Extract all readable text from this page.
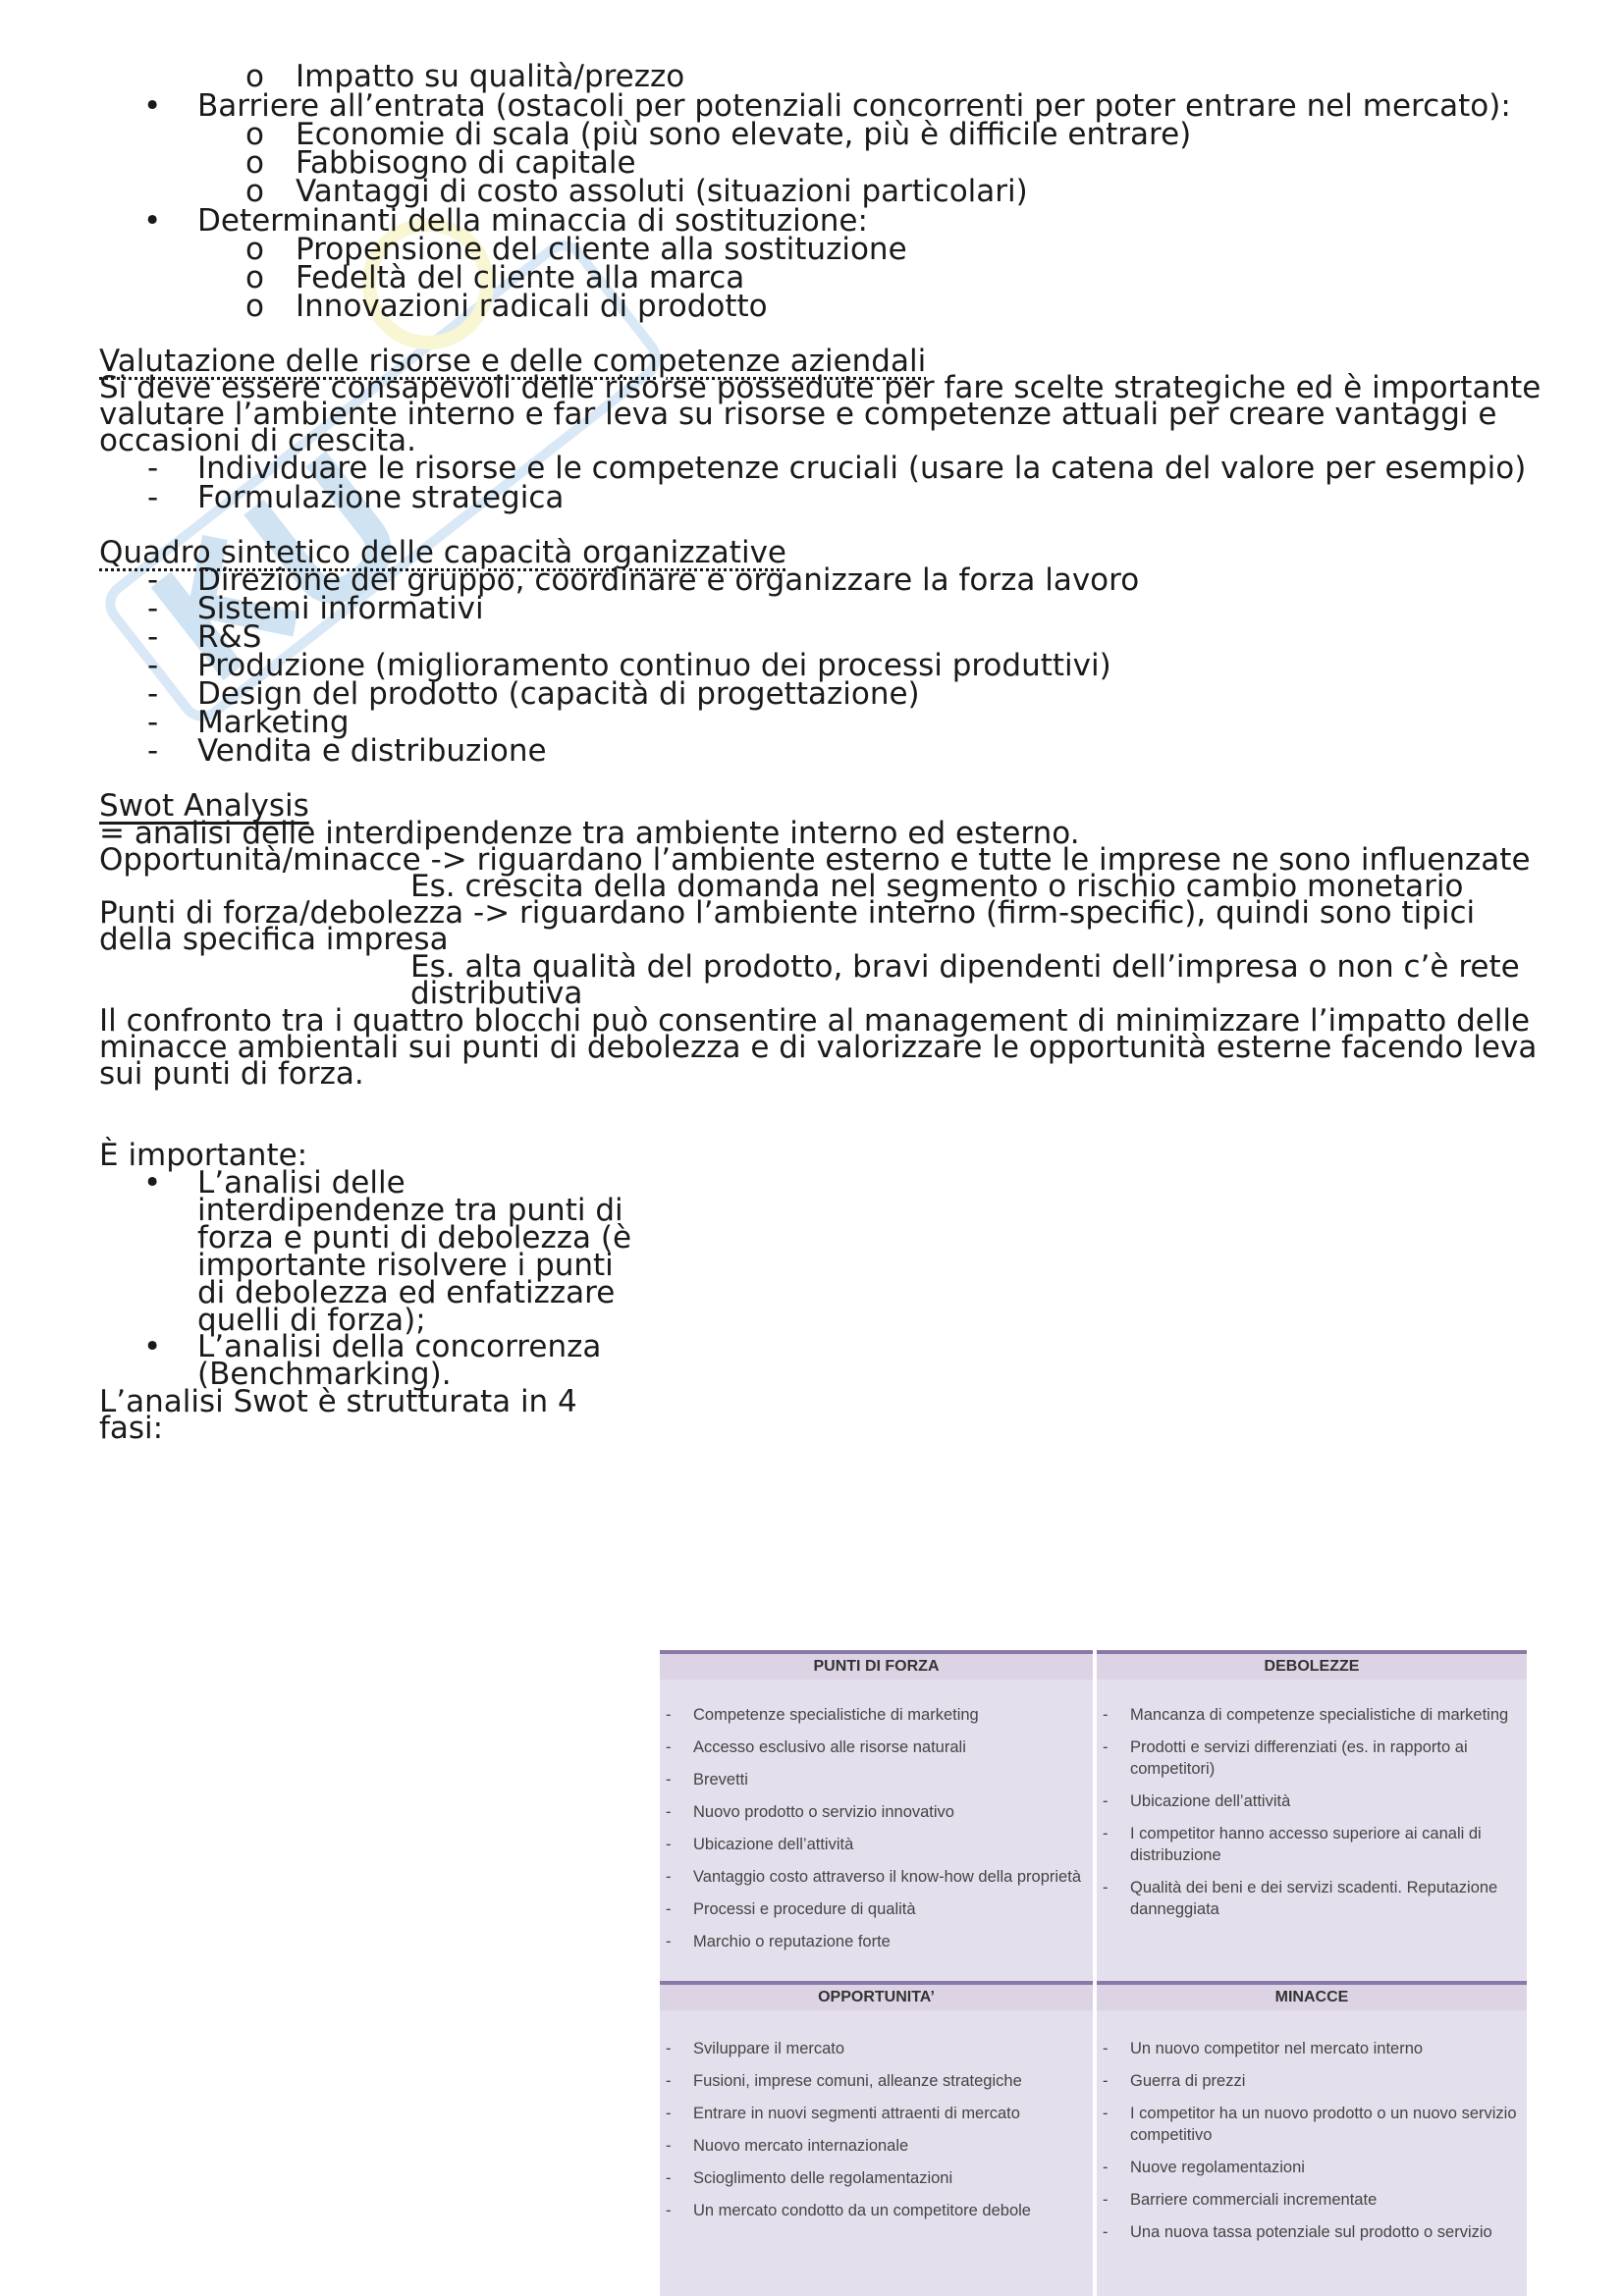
o Impatto su qualità/prezzo
• Barriere all’entrata (ostacoli per potenziali concorrenti per poter entrare nel mercato):
o Economie di scala (più sono elevate, più è difficile entrare)
o Fabbisogno di capitale
o Vantaggi di costo assoluti (situazioni particolari)
• Determinanti della minaccia di sostituzione:
o Propensione del cliente alla sostituzione
o Fedeltà del cliente alla marca
o Innovazioni radicali di prodotto
Valutazione delle risorse e delle competenze aziendali
Si deve essere consapevoli delle risorse possedute per fare scelte strategiche ed è importante
valutare l’ambiente interno e far leva su risorse e competenze attuali per creare vantaggi e
occasioni di crescita.
- Individuare le risorse e le competenze cruciali (usare la catena del valore per esempio)
- Formulazione strategica
Quadro sintetico delle capacità organizzative
- Direzione del gruppo, coordinare e organizzare la forza lavoro
- Sistemi informativi
- R&S
- Produzione (miglioramento continuo dei processi produttivi)
- Design del prodotto (capacità di progettazione)
- Marketing
- Vendita e distribuzione
Swot Analysis
= analisi delle interdipendenze tra ambiente interno ed esterno.
Opportunità/minacce -> riguardano l’ambiente esterno e tutte le imprese ne sono influenzate
Es. crescita della domanda nel segmento o rischio cambio monetario
Punti di forza/debolezza -> riguardano l’ambiente interno (firm-specific), quindi sono tipici
della specifica impresa
Es. alta qualità del prodotto, bravi dipendenti dell’impresa o non c’è rete
distributiva
Il confronto tra i quattro blocchi può consentire al management di minimizzare l’impatto delle
minacce ambientali sui punti di debolezza e di valorizzare le opportunità esterne facendo leva
sui punti di forza.
È importante:
• L’analisi delle
interdipendenze tra punti di
forza e punti di debolezza (è
importante risolvere i punti
di debolezza ed enfatizzare
quelli di forza);
• L’analisi della concorrenza
(Benchmarking).
L’analisi Swot è strutturata in 4
fasi:
PUNTI DI FORZA	DEBOLEZZE
- Competenze specialistiche di marketing
- Accesso esclusivo alle risorse naturali
- Brevetti
- Nuovo prodotto o servizio innovativo
- Ubicazione dell’attività
- Vantaggio costo attraverso il know-how della proprietà
- Processi e procedure di qualità
- Marchio o reputazione forte
- Mancanza di competenze specialistiche di marketing
- Prodotti e servizi differenziati (es. in rapporto ai competitori)
- Ubicazione dell’attività
- I competitor hanno accesso superiore ai canali di distribuzione
- Qualità dei beni e dei servizi scadenti. Reputazione danneggiata
OPPORTUNITA’	MINACCE
- Sviluppare il mercato
- Fusioni, imprese comuni, alleanze strategiche
- Entrare in nuovi segmenti attraenti di mercato
- Nuovo mercato internazionale
- Scioglimento delle regolamentazioni
- Un mercato condotto da un competitore debole
- Un nuovo competitor nel mercato interno
- Guerra di prezzi
- I competitor ha un nuovo prodotto o un nuovo servizio competitivo
- Nuove regolamentazioni
- Barriere commerciali incrementate
- Una nuova tassa potenziale sul prodotto o servizio
